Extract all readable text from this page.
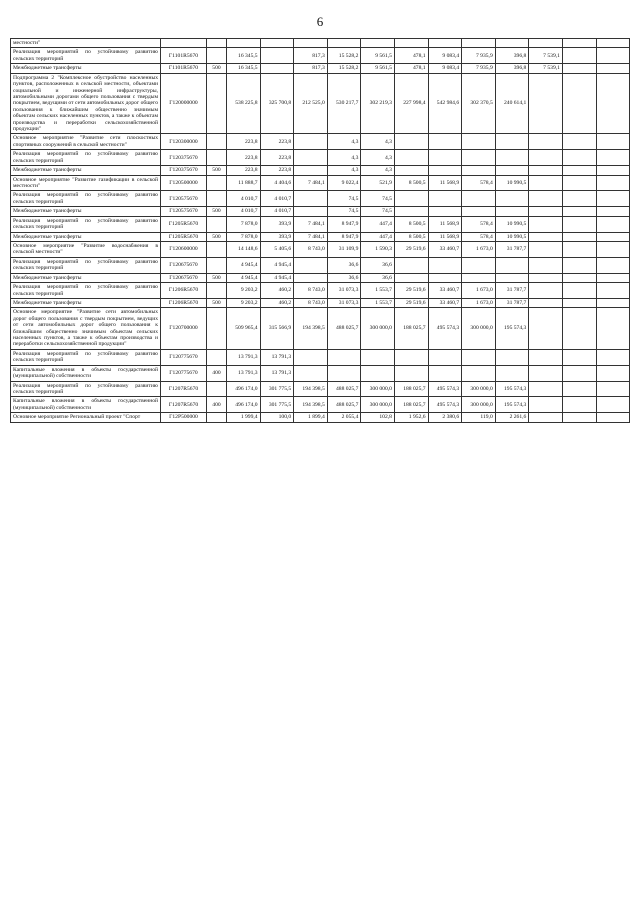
6
местности"														
Реализация мероприятий по устойчивому развитию сельских территорий	Г1101R5670		16 345,5		817,3	15 528,2	9 561,5	478,1	9 083,4	7 935,9	396,8	7 539,1		
Межбюджетные трансферты	Г1101R5670	500	16 345,5		817,3	15 528,2	9 561,5	478,1	9 083,4	7 935,9	396,8	7 539,1		
Подпрограмма 2 "Комплексное обустройство населенных пунктов, расположенных в сельской местности, объектами социальной и инженерной инфраструктуры, автомобильными дорогами общего пользования с твердым покрытием, ведущими от сети автомобильных дорог общего пользования к ближайшим общественно значимым объектам сельских населенных пунктов, а также к объектам производства и переработки сельскохозяйственной продукции"	Г120000000		538 225,8	325 700,8	212 525,0	530 217,7	302 219,3	227 998,4	542 984,6	302 370,5	240 614,1			
Основное мероприятие "Развитие сети плоскостных спортивных сооружений в сельской местности"	Г120300000		223,8	223,8		4,3	4,3							
Реализация мероприятий по устойчивому развитию сельских территорий	Г120375670		223,8	223,8		4,3	4,3							
Межбюджетные трансферты	Г120375670	500	223,8	223,8		4,3	4,3							
Основное мероприятие "Развитие газификации в сельской местности"	Г120500000		11 888,7	4 404,6	7 484,1	9 022,4	521,9	8 500,5	11 568,9	578,4	10 990,5			
Реализация мероприятий по устойчивому развитию сельских территорий	Г120575670		4 010,7	4 010,7		74,5	74,5							
Межбюджетные трансферты	Г120575670	500	4 010,7	4 010,7		74,5	74,5							
Реализация мероприятий по устойчивому развитию сельских территорий	Г1205R5670		7 878,0	393,9	7 484,1	8 947,9	447,4	8 500,5	11 568,9	578,4	10 990,5			
Межбюджетные трансферты	Г1205R5670	500	7 878,0	393,9	7 484,1	8 947,9	447,4	8 500,5	11 568,9	578,4	10 990,5			
Основное мероприятие "Развитие водоснабжения в сельской местности"	Г120600000		14 148,6	5 405,6	8 743,0	31 109,9	1 590,3	29 519,6	33 460,7	1 673,0	31 787,7			
Реализация мероприятий по устойчивому развитию сельских территорий	Г120675670		4 945,4	4 945,4		36,6	36,6							
Межбюджетные трансферты	Г120675670	500	4 945,4	4 945,4		36,6	36,6							
Реализация мероприятий по устойчивому развитию сельских территорий	Г1206R5670		9 203,2	460,2	8 743,0	31 073,3	1 553,7	29 519,6	33 460,7	1 673,0	31 787,7			
Межбюджетные трансферты	Г1206R5670	500	9 203,2	460,2	8 743,0	31 073,3	1 553,7	29 519,6	33 460,7	1 673,0	31 787,7			
Основное мероприятие "Развитие сети автомобильных дорог общего пользования с твердым покрытием, ведущих от сети автомобильных дорог общего пользования к ближайшим общественно значимым объектам сельских населенных пунктов, а также к объектам производства и переработки сельскохозяйственной продукции"	Г120700000		509 965,4	315 566,9	194 398,5	488 025,7	300 000,0	188 025,7	495 574,3	300 000,0	195 574,3			
Реализация мероприятий по устойчивому развитию сельских территорий	Г120775670		13 791,3	13 791,3										
Капитальные вложения в объекты государственной (муниципальной) собственности	Г120775670	400	13 791,3	13 791,3										
Реализация мероприятий по устойчивому развитию сельских территорий	Г1207R5670		496 174,0	301 775,5	194 398,5	488 025,7	300 000,0	188 025,7	495 574,3	300 000,0	195 574,3			
Капитальные вложения в объекты государственной (муниципальной) собственности	Г1207R5670	400	496 174,0	301 775,5	194 398,5	488 025,7	300 000,0	188 025,7	495 574,3	300 000,0	195 574,3			
Основное мероприятие Региональный проект "Спорт	Г12P500000		1 999,4	100,0	1 899,4	2 055,4	102,8	1 952,6	2 380,6	119,0	2 261,6			
